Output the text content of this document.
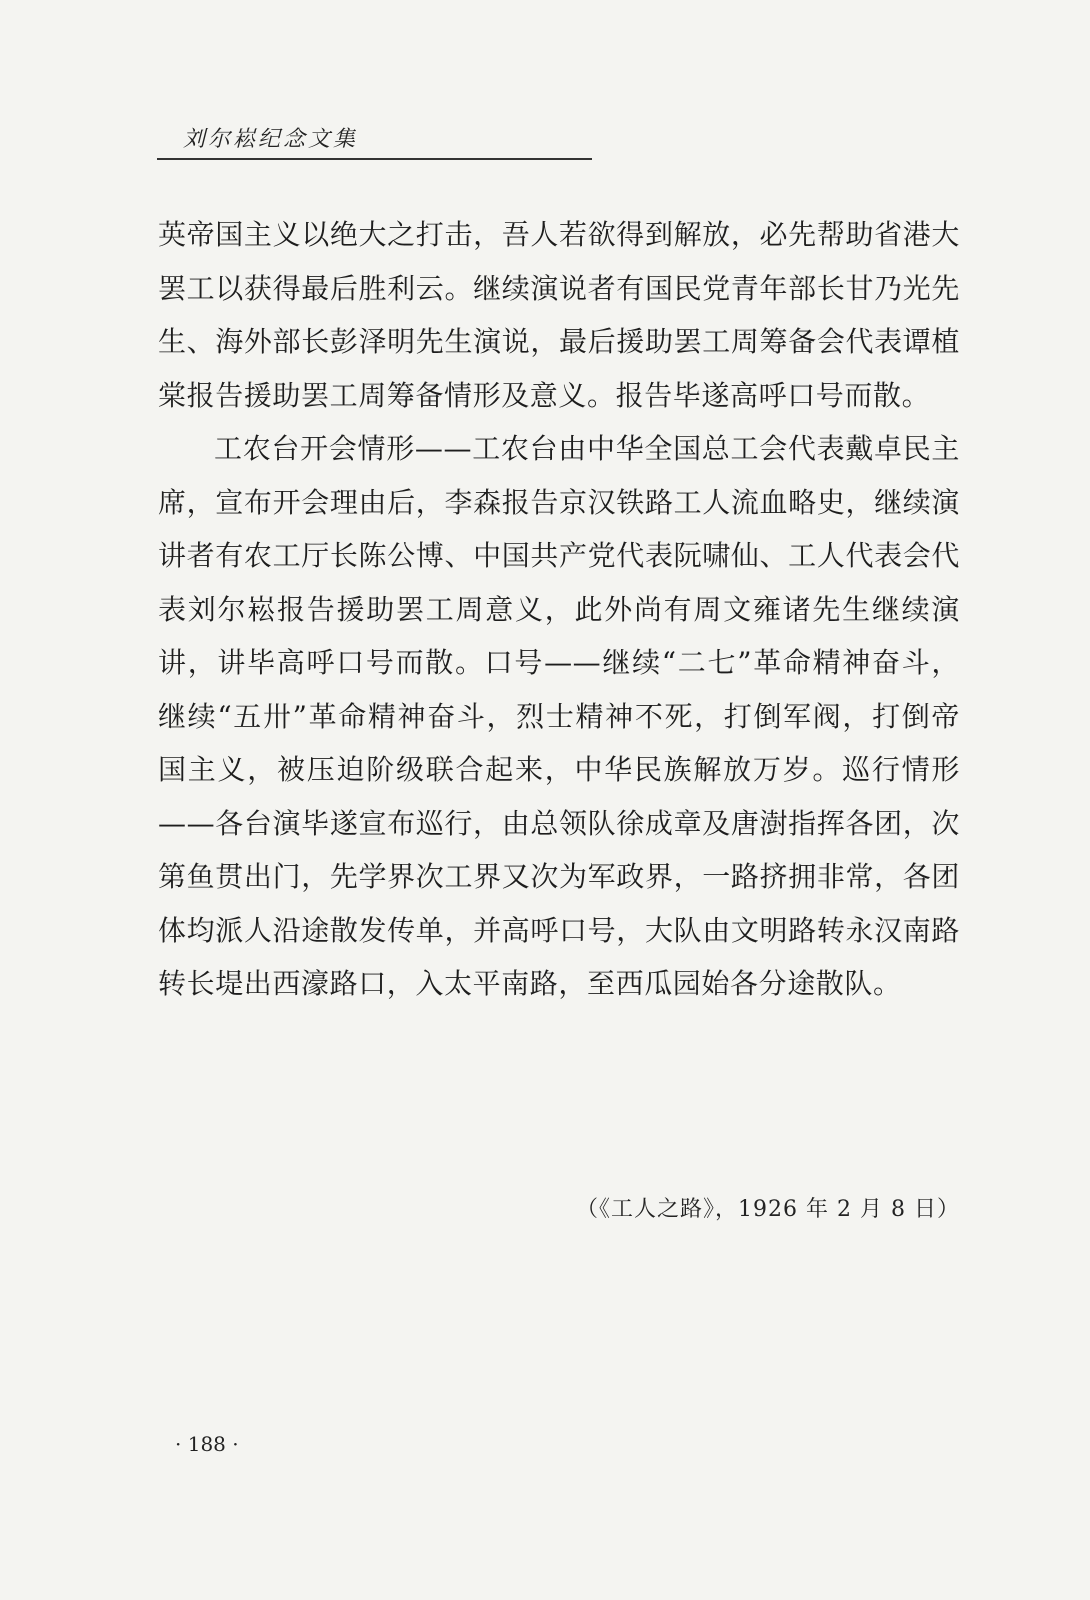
刘尔崧纪念文集

英帝国主义以绝大之打击，吾人若欲得到解放，必先帮助省港大罢工以获得最后胜利云。继续演说者有国民党青年部长甘乃光先生、海外部长彭泽明先生演说，最后援助罢工周筹备会代表谭植棠报告援助罢工周筹备情形及意义。报告毕遂高呼口号而散。

工农台开会情形——工农台由中华全国总工会代表戴卓民主席，宣布开会理由后，李森报告京汉铁路工人流血略史，继续演讲者有农工厅长陈公博、中国共产党代表阮啸仙、工人代表会代表刘尔崧报告援助罢工周意义，此外尚有周文雍诸先生继续演讲，讲毕高呼口号而散。口号——继续“二七”革命精神奋斗，继续“五卅”革命精神奋斗，烈士精神不死，打倒军阀，打倒帝国主义，被压迫阶级联合起来，中华民族解放万岁。巡行情形——各台演毕遂宣布巡行，由总领队徐成章及唐澍指挥各团，次第鱼贯出门，先学界次工界又次为军政界，一路挤拥非常，各团体均派人沿途散发传单，并高呼口号，大队由文明路转永汉南路转长堤出西濠路口，入太平南路，至西瓜园始各分途散队。

（《工人之路》，1926 年 2 月 8 日）
· 188 ·
